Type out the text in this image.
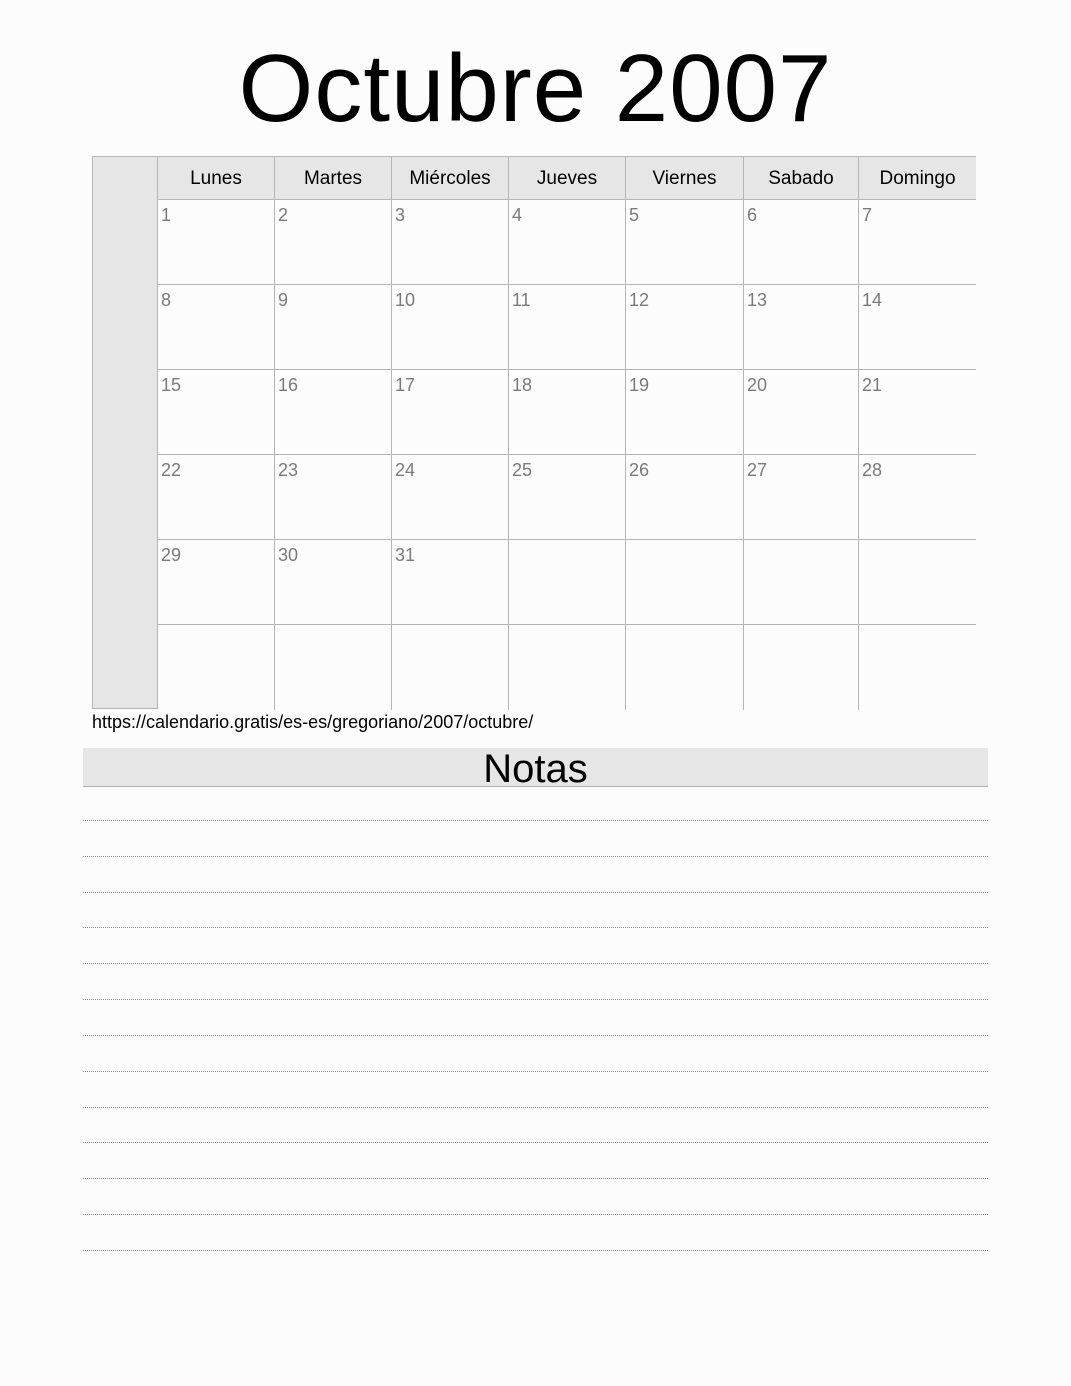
Octubre 2007
Lunes	Martes	Miércoles	Jueves	Viernes	Sabado	Domingo
1	2	3	4	5	6	7
8	9	10	11	12	13	14
15	16	17	18	19	20	21
22	23	24	25	26	27	28
29	30	31
https://calendario.gratis/es-es/gregoriano/2007/octubre/
Notas
